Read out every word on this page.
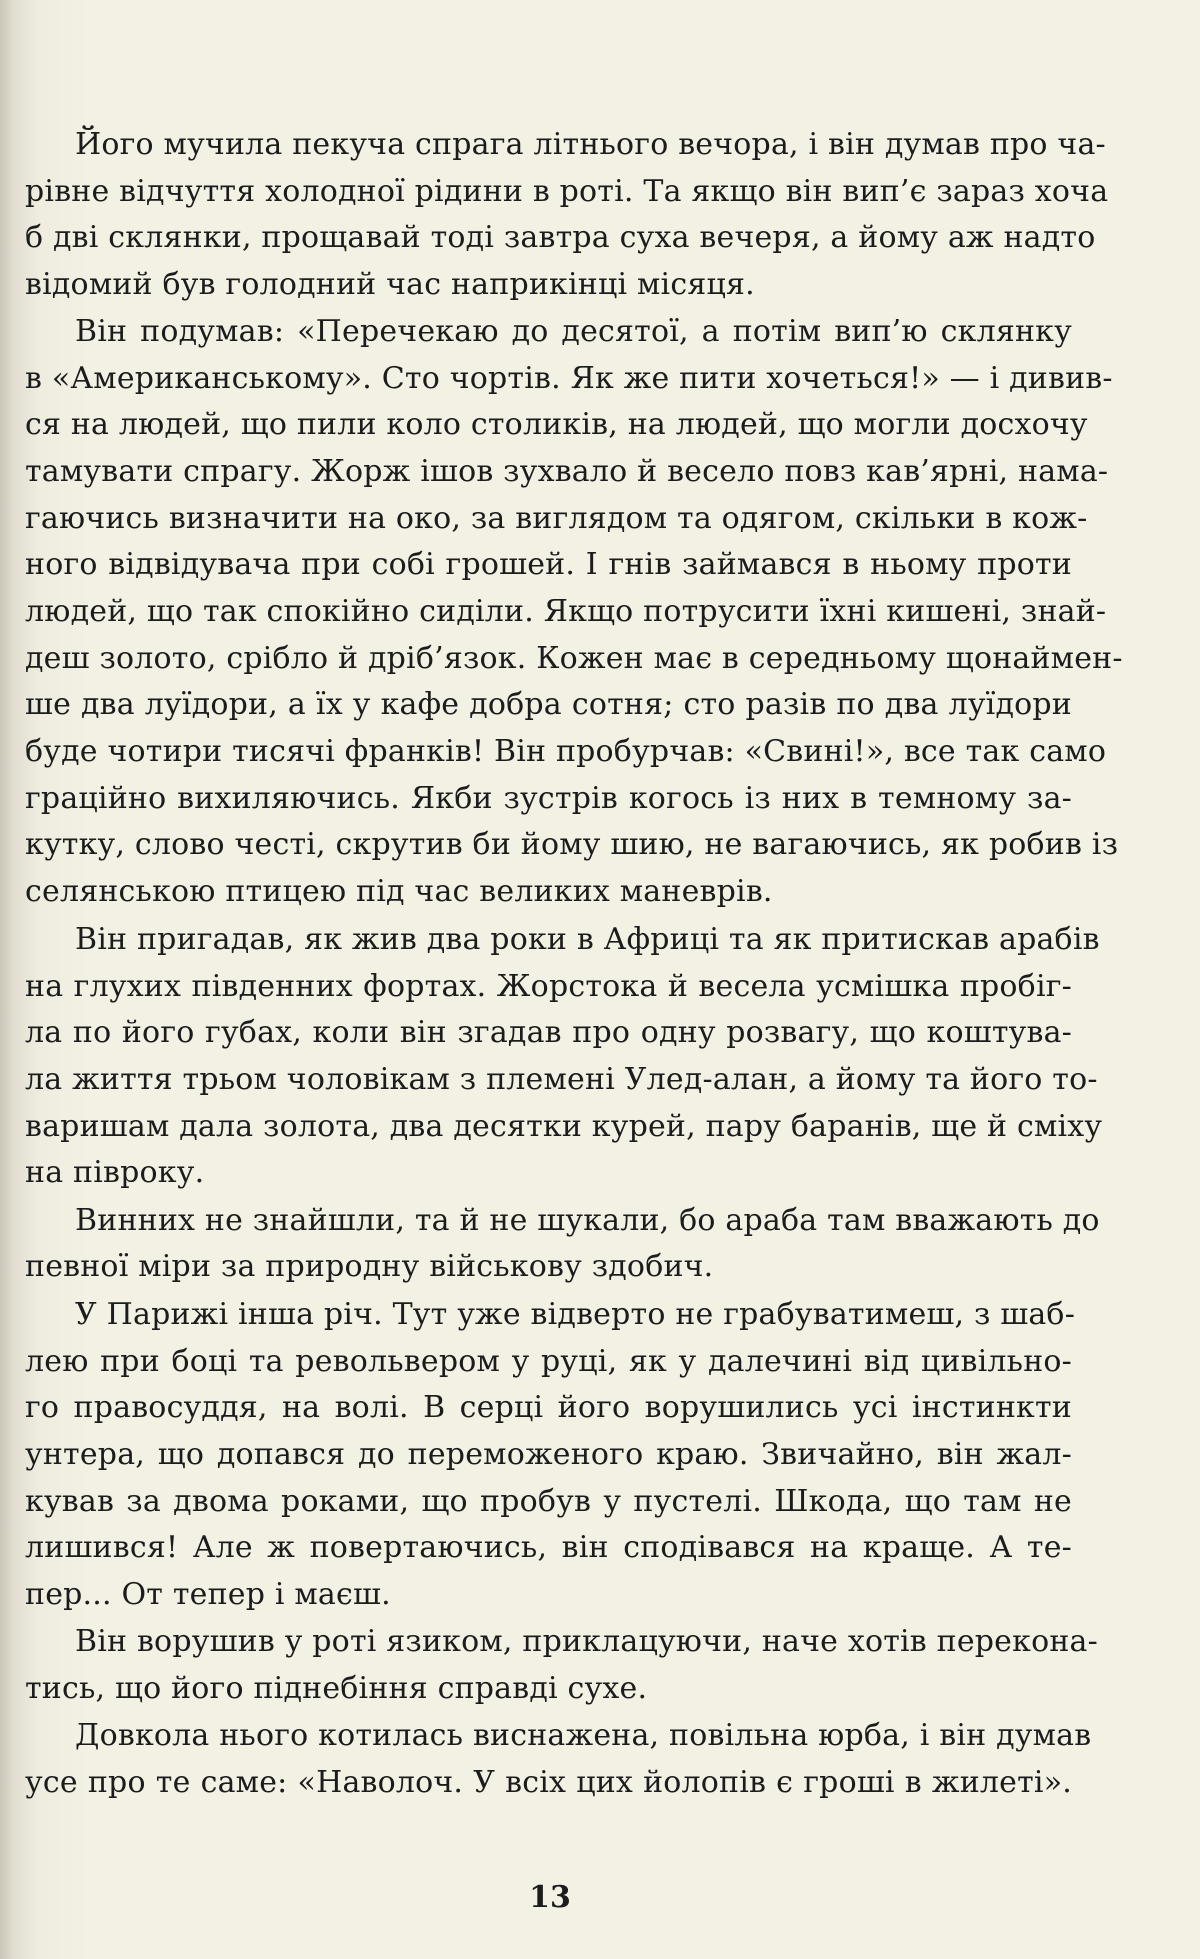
Його мучила пекуча спрага літнього вечора, і він думав про ча-
рівне відчуття холодної рідини в роті. Та якщо він вип’є зараз хоча
б дві склянки, прощавай тоді завтра суха вечеря, а йому аж надто
відомий був голодний час наприкінці місяця.
Він подумав: «Перечекаю до десятої, а потім вип’ю склянку
в «Американському». Сто чортів. Як же пити хочеться!» — і дивив-
ся на людей, що пили коло столиків, на людей, що могли досхочу
тамувати спрагу. Жорж ішов зухвало й весело повз кав’ярні, нама-
гаючись визначити на око, за виглядом та одягом, скільки в кож-
ного відвідувача при собі грошей. І гнів займався в ньому проти
людей, що так спокійно сиділи. Якщо потрусити їхні кишені, знай-
деш золото, срібло й дріб’язок. Кожен має в середньому щонаймен-
ше два луїдори, а їх у кафе добра сотня; сто разів по два луїдори
буде чотири тисячі франків! Він пробурчав: «Свині!», все так само
граційно вихиляючись. Якби зустрів когось із них в темному за-
кутку, слово честі, скрутив би йому шию, не вагаючись, як робив із
селянською птицею під час великих маневрів.
Він пригадав, як жив два роки в Африці та як притискав арабів
на глухих південних фортах. Жорстока й весела усмішка пробіг-
ла по його губах, коли він згадав про одну розвагу, що коштува-
ла життя трьом чоловікам з племені Улед-алан, а йому та його то-
варишам дала золота, два десятки курей, пару баранів, ще й сміху
на півроку.
Винних не знайшли, та й не шукали, бо араба там вважають до
певної міри за природну військову здобич.
У Парижі інша річ. Тут уже відверто не грабуватимеш, з шаб-
лею при боці та револьвером у руці, як у далечині від цивільно-
го правосуддя, на волі. В серці його ворушились усі інстинкти
унтера, що допався до переможеного краю. Звичайно, він жал-
кував за двома роками, що пробув у пустелі. Шкода, що там не
лишився! Але ж повертаючись, він сподівався на краще. А те-
пер... От тепер і маєш.
Він ворушив у роті язиком, приклацуючи, наче хотів перекона-
тись, що його піднебіння справді сухе.
Довкола нього котилась виснажена, повільна юрба, і він думав
усе про те саме: «Наволоч. У всіх цих йолопів є гроші в жилеті».
13
